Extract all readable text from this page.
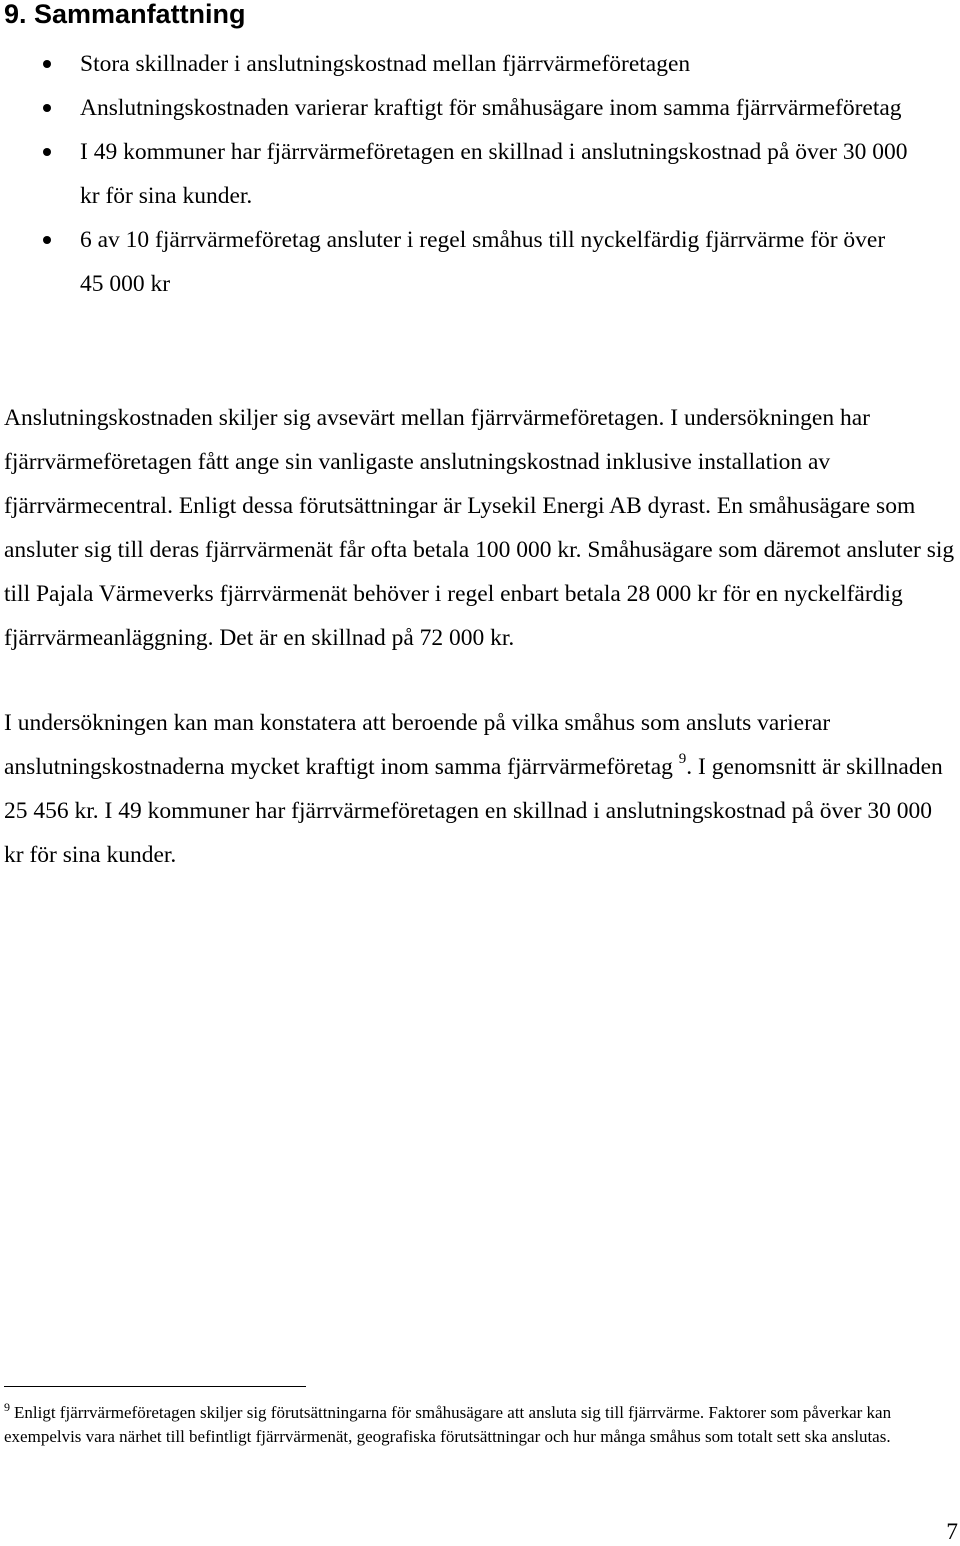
9. Sammanfattning
Stora skillnader i anslutningskostnad mellan fjärrvärmeföretagen
Anslutningskostnaden varierar kraftigt för småhusägare inom samma fjärrvärmeföretag
I 49 kommuner har fjärrvärmeföretagen en skillnad i anslutningskostnad på över 30 000 kr för sina kunder.
6 av 10 fjärrvärmeföretag ansluter i regel småhus till nyckelfärdig fjärrvärme för över 45 000 kr

Anslutningskostnaden skiljer sig avsevärt mellan fjärrvärmeföretagen. I undersökningen har fjärrvärmeföretagen fått ange sin vanligaste anslutningskostnad inklusive installation av fjärrvärmecentral. Enligt dessa förutsättningar är Lysekil Energi AB dyrast. En småhusägare som ansluter sig till deras fjärrvärmenät får ofta betala 100 000 kr. Småhusägare som däremot ansluter sig till Pajala Värmeverks fjärrvärmenät behöver i regel enbart betala 28 000 kr för en nyckelfärdig fjärrvärmeanläggning. Det är en skillnad på 72 000 kr.

I undersökningen kan man konstatera att beroende på vilka småhus som ansluts varierar anslutningskostnaderna mycket kraftigt inom samma fjärrvärmeföretag $^9$. I genomsnitt är skillnaden 25 456 kr. I 49 kommuner har fjärrvärmeföretagen en skillnad i anslutningskostnad på över 30 000 kr för sina kunder.

$^9$ Enligt fjärrvärmeföretagen skiljer sig förutsättningarna för småhusägare att ansluta sig till fjärrvärme. Faktorer som påverkar kan exempelvis vara närhet till befintligt fjärrvärmenät, geografiska förutsättningar och hur många småhus som totalt sett ska anslutas.

7
